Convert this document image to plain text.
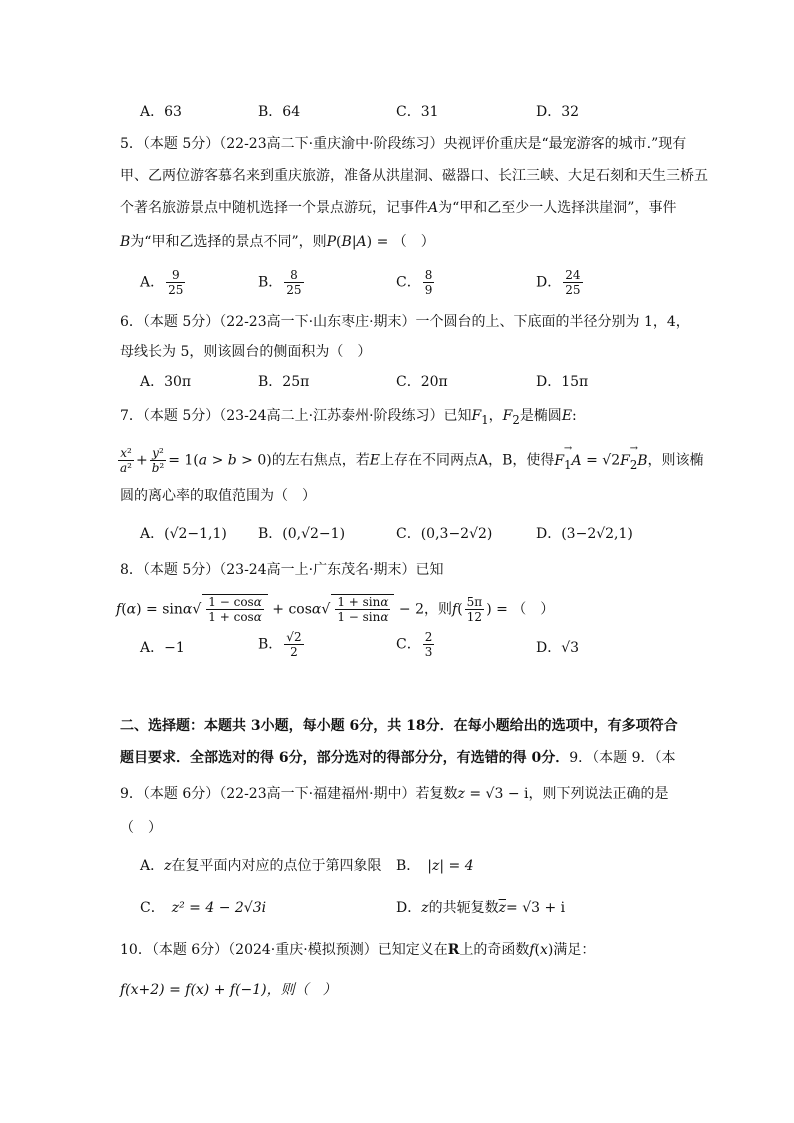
A．63	B．64	C．31	D．32
5．（本题 5分）（22-23高二下·重庆渝中·阶段练习）央视评价重庆是“最宠游客的城市.”现有
甲、乙两位游客慕名来到重庆旅游，准备从洪崖洞、磁器口、长江三峡、大足石刻和天生三桥五
个著名旅游景点中随机选择一个景点游玩，记事件A为“甲和乙至少一人选择洪崖洞”，事件
B为“甲和乙选择的景点不同”，则P(B|A) = （　）
A． $\frac{9}{25}$	B． $\frac{8}{25}$	C． $\frac{8}{9}$	D． $\frac{24}{25}$
6．（本题 5分）（22-23高一下·山东枣庄·期末）一个圆台的上、下底面的半径分别为 1，4，
母线长为 5，则该圆台的侧面积为（　）
A．30π	B．25π	C．20π	D．15π
7．（本题 5分）（23-24高二上·江苏泰州·阶段练习）已知$F_1$，$F_2$是椭圆E:
$\frac{\text{x²}}{\text{a²}} + \frac{\text{y²}}{\text{b²}} = 1(a > b > 0)$的左右焦点，若E上存在不同两点A，B，使得→ $F_1A = √2\to F_2B$，则该椭
圆的离心率的取值范围为（　）
A．(√2−1,1) B．(0,√2−1)	C．(0,3−2√2)	D．(3−2√2,1)
8．（本题 5分）（23-24高一上·广东茂名·期末）已知
$f(\alpha) = \sin\alpha√ \frac{1 - \cos\alpha}{1 + \cos\alpha} + \cos\alpha√ \frac{1 + \sin\alpha}{1 - \sin\alpha} - 2$，则$f( \frac{5\pi}{12}$ ) = （　）
A．−1	B． $\frac{√2}{2}$	C． $\frac{2}{3}$	D．√3
二、选择题：本题共 3小题，每小题 6分，共 18分．在每小题给出的选项中，有多项符合
题目要求．全部选对的得 6分，部分选对的得部分分，有选错的得 0分．9．（本题 9．（本
9．（本题 6分）（22-23高一下·福建福州·期中）若复数z = √3 − i，则下列说法正确的是
（　）
A．z在复平面内对应的点位于第四象限 B．　 |z| = 4
C．　 z² = 4 − 2√3i	D．z的共轭复数$\overline{z}= √3 + i$
10．（本题 6分）（2024·重庆·模拟预测）已知定义在R上的奇函数f(x)满足：
f(x+2) = f(x) + f(−1)，则（　）
